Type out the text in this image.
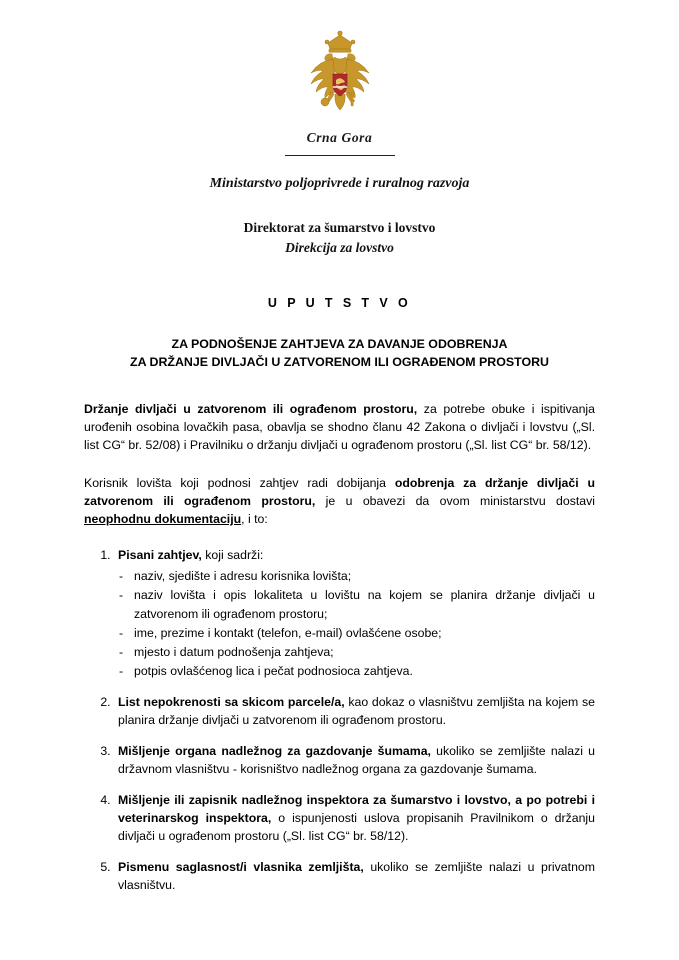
Crna Gora
Ministarstvo poljoprivrede i ruralnog razvoja
Direktorat za šumarstvo i lovstvo
Direkcija za lovstvo
U P U T S T V O
ZA PODNOŠENJE ZAHTJEVA ZA DAVANJE ODOBRENJA
ZA DRŽANJE DIVLJAČI U ZATVORENOM ILI OGRAĐENOM PROSTORU

Držanje divljači u zatvorenom ili ograđenom prostoru, za potrebe obuke i ispitivanja urođenih osobina lovačkih pasa, obavlja se shodno članu 42 Zakona o divljači i lovstvu („Sl. list CG“ br. 52/08) i Pravilniku o držanju divljači u ograđenom prostoru („Sl. list CG“ br. 58/12).

Korisnik lovišta koji podnosi zahtjev radi dobijanja odobrenja za držanje divljači u zatvorenom ili ograđenom prostoru, je u obavezi da ovom ministarstvu dostavi neophodnu dokumentaciju, i to:

1. Pisani zahtjev, koji sadrži:
- naziv, sjedište i adresu korisnika lovišta;
- naziv lovišta i opis lokaliteta u lovištu na kojem se planira držanje divljači u zatvorenom ili ograđenom prostoru;
- ime, prezime i kontakt (telefon, e-mail) ovlašćene osobe;
- mjesto i datum podnošenja zahtjeva;
- potpis ovlašćenog lica i pečat podnosioca zahtjeva.
2. List nepokrenosti sa skicom parcele/a, kao dokaz o vlasništvu zemljišta na kojem se planira držanje divljači u zatvorenom ili ograđenom prostoru.
3. Mišljenje organa nadležnog za gazdovanje šumama, ukoliko se zemljište nalazi u državnom vlasništvu - korisništvo nadležnog organa za gazdovanje šumama.
4. Mišljenje ili zapisnik nadležnog inspektora za šumarstvo i lovstvo, a po potrebi i veterinarskog inspektora, o ispunjenosti uslova propisanih Pravilnikom o držanju divljači u ograđenom prostoru („Sl. list CG“ br. 58/12).
5. Pismenu saglasnost/i vlasnika zemljišta, ukoliko se zemljište nalazi u privatnom vlasništvu.
